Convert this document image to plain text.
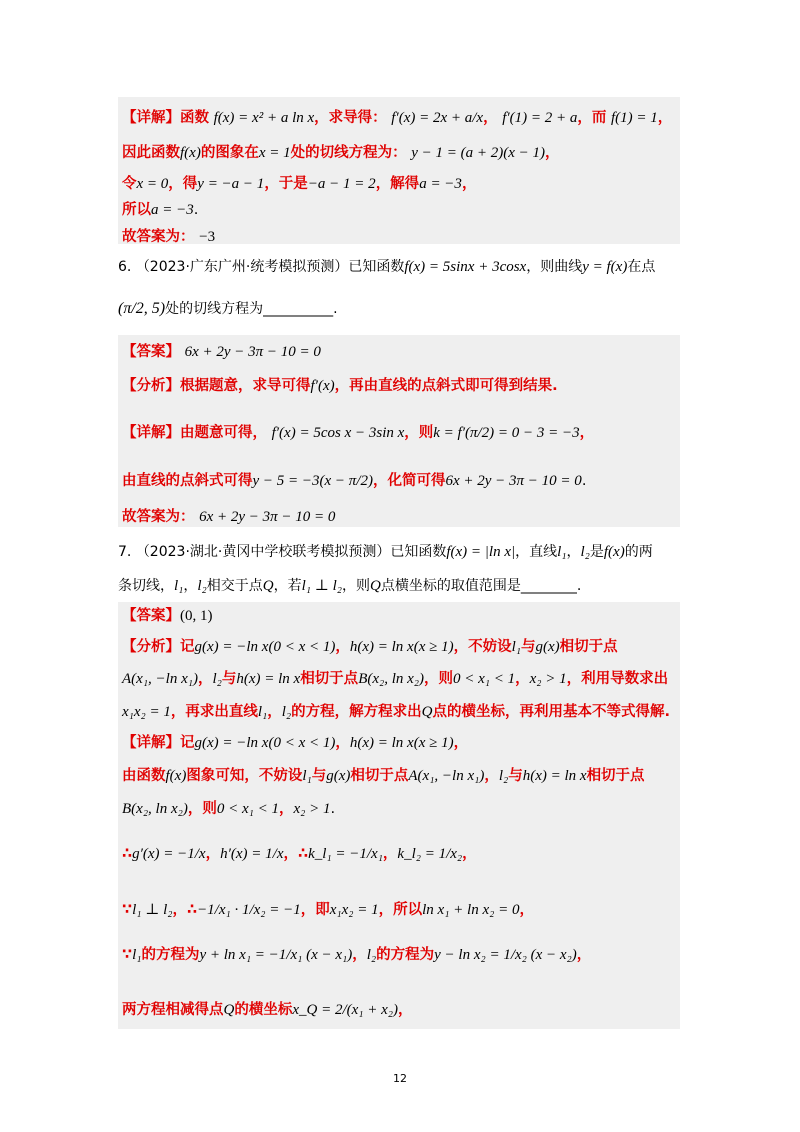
【详解】函数 f(x) = x² + a ln x，求导得： f′(x) = 2x + a/x， f′(1) = 2 + a，而 f(1) = 1，
因此函数f(x)的图象在x = 1处的切线方程为： y − 1 = (a + 2)(x − 1)，
令x = 0，得y = −a − 1，于是−a − 1 = 2，解得a = −3，
所以a = −3.
故答案为： −3
6. （2023·广东广州·统考模拟预测）已知函数f(x) = 5sinx + 3cosx，则曲线y = f(x)在点
(π/2, 5)处的切线方程为__________.
【答案】 6x + 2y − 3π − 10 = 0
【分析】根据题意，求导可得f′(x)，再由直线的点斜式即可得到结果.
【详解】由题意可得， f′(x) = 5cos x − 3sin x，则k = f′(π/2) = 0 − 3 = −3，
由直线的点斜式可得y − 5 = −3(x − π/2)，化简可得6x + 2y − 3π − 10 = 0.
故答案为： 6x + 2y − 3π − 10 = 0
7. （2023·湖北·黄冈中学校联考模拟预测）已知函数f(x) = |ln x|，直线l₁，l₂是f(x)的两
条切线，l₁，l₂相交于点Q，若l₁ ⊥ l₂，则Q点横坐标的取值范围是________.
【答案】(0, 1)
【分析】记g(x) = −ln x(0 < x < 1)，h(x) = ln x(x ≥ 1)，不妨设l₁与g(x)相切于点
A(x₁, −ln x₁)，l₂与h(x) = ln x相切于点B(x₂, ln x₂)，则0 < x₁ < 1，x₂ > 1，利用导数求出
x₁x₂ = 1，再求出直线l₁，l₂的方程，解方程求出Q点的横坐标，再利用基本不等式得解.
【详解】记g(x) = −ln x(0 < x < 1)，h(x) = ln x(x ≥ 1)，
由函数f(x)图象可知，不妨设l₁与g(x)相切于点A(x₁, −ln x₁)，l₂与h(x) = ln x相切于点
B(x₂, ln x₂)，则0 < x₁ < 1，x₂ > 1.
∴g′(x) = −1/x，h′(x) = 1/x，∴k_l₁ = −1/x₁，k_l₂ = 1/x₂，
∵l₁ ⊥ l₂，∴−1/x₁ · 1/x₂ = −1，即x₁x₂ = 1，所以ln x₁ + ln x₂ = 0，
∵l₁的方程为y + ln x₁ = −1/x₁ (x − x₁)，l₂的方程为y − ln x₂ = 1/x₂ (x − x₂)，
两方程相减得点Q的横坐标x_Q = 2/(x₁ + x₂)，
12
